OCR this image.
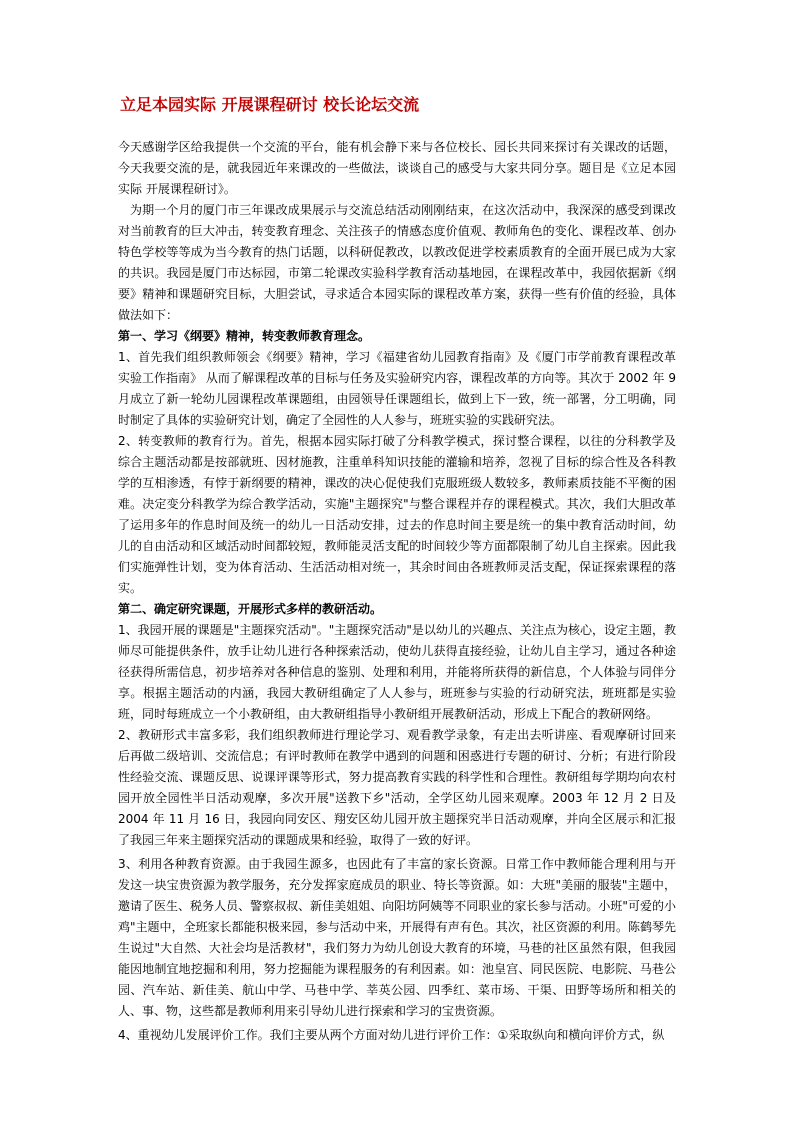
立足本园实际 开展课程研讨 校长论坛交流

今天感谢学区给我提供一个交流的平台，能有机会静下来与各位校长、园长共同来探讨有关课改的话题，今天我要交流的是，就我园近年来课改的一些做法，谈谈自己的感受与大家共同分享。题目是《立足本园实际 开展课程研讨》。

为期一个月的厦门市三年课改成果展示与交流总结活动刚刚结束，在这次活动中，我深深的感受到课改对当前教育的巨大冲击，转变教育理念、关注孩子的情感态度价值观、教师角色的变化、课程改革、创办特色学校等等成为当今教育的热门话题，以科研促教改，以教改促进学校素质教育的全面开展已成为大家的共识。我园是厦门市达标园，市第二轮课改实验科学教育活动基地园，在课程改革中，我园依据新《纲要》精神和课题研究目标，大胆尝试，寻求适合本园实际的课程改革方案，获得一些有价值的经验，具体做法如下：

第一、学习《纲要》精神，转变教师教育理念。

1、首先我们组织教师领会《纲要》精神，学习《福建省幼儿园教育指南》及《厦门市学前教育课程改革实验工作指南》 从而了解课程改革的目标与任务及实验研究内容，课程改革的方向等。其次于 2002 年 9 月成立了新一轮幼儿园课程改革课题组，由园领导任课题组长，做到上下一致，统一部署，分工明确，同时制定了具体的实验研究计划，确定了全园性的人人参与，班班实验的实践研究法。

2、转变教师的教育行为。首先，根据本园实际打破了分科教学模式，探讨整合课程，以往的分科教学及综合主题活动都是按部就班、因材施教，注重单科知识技能的灌输和培养，忽视了目标的综合性及各科教学的互相渗透，有悖于新纲要的精神，课改的决心促使我们克服班级人数较多，教师素质技能不平衡的困难。决定变分科教学为综合教学活动，实施"主题探究"与整合课程并存的课程模式。其次，我们大胆改革了运用多年的作息时间及统一的幼儿一日活动安排，过去的作息时间主要是统一的集中教育活动时间，幼儿的自由活动和区域活动时间都较短，教师能灵活支配的时间较少等方面都限制了幼儿自主探索。因此我们实施弹性计划，变为体育活动、生活活动相对统一，其余时间由各班教师灵活支配，保证探索课程的落实。

第二、确定研究课题，开展形式多样的教研活动。

1、我园开展的课题是"主题探究活动"。"主题探究活动"是以幼儿的兴趣点、关注点为核心，设定主题，教师尽可能提供条件，放手让幼儿进行各种探索活动，使幼儿获得直接经验，让幼儿自主学习，通过各种途径获得所需信息，初步培养对各种信息的鉴别、处理和利用，并能将所获得的新信息，个人体验与同伴分享。根据主题活动的内涵，我园大教研组确定了人人参与，班班参与实验的行动研究法，班班都是实验班，同时每班成立一个小教研组，由大教研组指导小教研组开展教研活动，形成上下配合的教研网络。

2、教研形式丰富多彩，我们组织教师进行理论学习、观看教学录象，有走出去听讲座、看观摩研讨回来后再做二级培训、交流信息；有评时教师在教学中遇到的问题和困惑进行专题的研讨、分析；有进行阶段性经验交流、课题反思、说课评课等形式，努力提高教育实践的科学性和合理性。教研组每学期均向农村园开放全园性半日活动观摩，多次开展"送教下乡"活动，全学区幼儿园来观摩。2003 年 12 月 2 日及 2004 年 11 月 16 日，我园向同安区、翔安区幼儿园开放主题探究半日活动观摩，并向全区展示和汇报了我园三年来主题探究活动的课题成果和经验，取得了一致的好评。

3、利用各种教育资源。由于我园生源多，也因此有了丰富的家长资源。日常工作中教师能合理利用与开发这一块宝贵资源为教学服务，充分发挥家庭成员的职业、特长等资源。如：大班"美丽的服装"主题中，邀请了医生、税务人员、警察叔叔、新佳美姐姐、向阳坊阿姨等不同职业的家长参与活动。小班"可爱的小鸡"主题中，全班家长都能积极来园，参与活动中来，开展得有声有色。其次，社区资源的利用。陈鹤琴先生说过"大自然、大社会均是活教材"，我们努力为幼儿创设大教育的环境，马巷的社区虽然有限，但我园能因地制宜地挖掘和利用，努力挖掘能为课程服务的有利因素。如：池皇宫、同民医院、电影院、马巷公园、汽车站、新佳美、航山中学、马巷中学、莘英公园、四季红、菜市场、干渠、田野等场所和相关的人、事、物，这些都是教师利用来引导幼儿进行探索和学习的宝贵资源。

4、重视幼儿发展评价工作。我们主要从两个方面对幼儿进行评价工作：①采取纵向和横向评价方式，纵
